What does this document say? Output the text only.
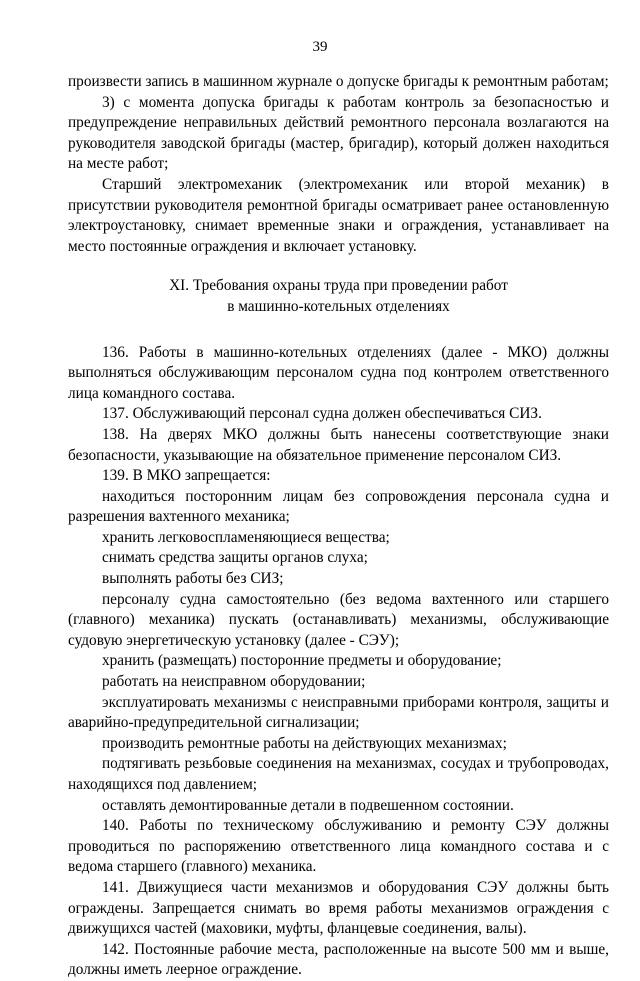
39

произвести запись в машинном журнале о допуске бригады к ремонтным работам;

3) с момента допуска бригады к работам контроль за безопасностью и предупреждение неправильных действий ремонтного персонала возлагаются на руководителя заводской бригады (мастер, бригадир), который должен находиться на месте работ;

Старший электромеханик (электромеханик или второй механик) в присутствии руководителя ремонтной бригады осматривает ранее остановленную электроустановку, снимает временные знаки и ограждения, устанавливает на место постоянные ограждения и включает установку.

XI. Требования охраны труда при проведении работ
в машинно-котельных отделениях

136. Работы в машинно-котельных отделениях (далее - МКО) должны выполняться обслуживающим персоналом судна под контролем ответственного лица командного состава.

137. Обслуживающий персонал судна должен обеспечиваться СИЗ.

138. На дверях МКО должны быть нанесены соответствующие знаки безопасности, указывающие на обязательное применение персоналом СИЗ.

139. В МКО запрещается:

находиться посторонним лицам без сопровождения персонала судна и разрешения вахтенного механика;

хранить легковоспламеняющиеся вещества;

снимать средства защиты органов слуха;

выполнять работы без СИЗ;

персоналу судна самостоятельно (без ведома вахтенного или старшего (главного) механика) пускать (останавливать) механизмы, обслуживающие судовую энергетическую установку (далее - СЭУ);

хранить (размещать) посторонние предметы и оборудование;

работать на неисправном оборудовании;

эксплуатировать механизмы с неисправными приборами контроля, защиты и аварийно-предупредительной сигнализации;

производить ремонтные работы на действующих механизмах;

подтягивать резьбовые соединения на механизмах, сосудах и трубопроводах, находящихся под давлением;

оставлять демонтированные детали в подвешенном состоянии.

140. Работы по техническому обслуживанию и ремонту СЭУ должны проводиться по распоряжению ответственного лица командного состава и с ведома старшего (главного) механика.

141. Движущиеся части механизмов и оборудования СЭУ должны быть ограждены. Запрещается снимать во время работы механизмов ограждения с движущихся частей (маховики, муфты, фланцевые соединения, валы).

142. Постоянные рабочие места, расположенные на высоте 500 мм и выше, должны иметь леерное ограждение.
